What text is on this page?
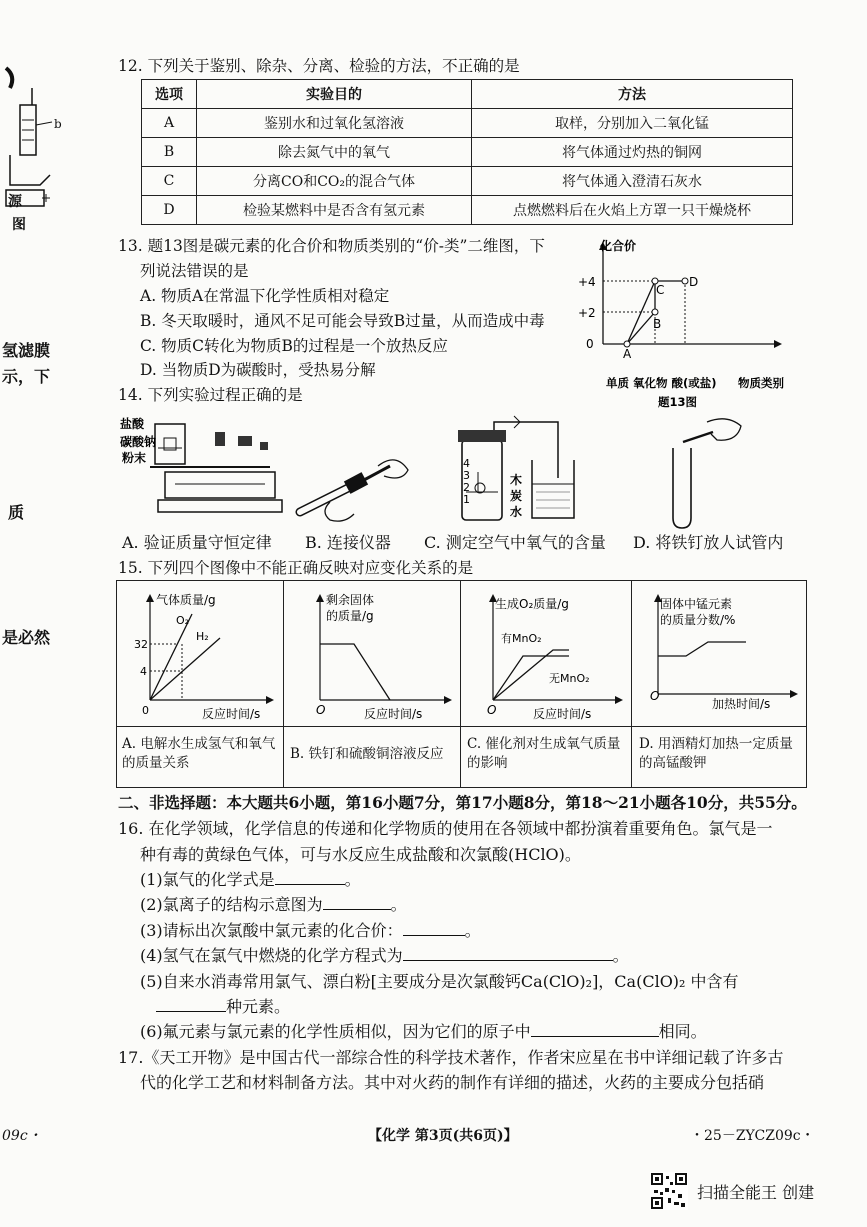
氢滤膜
示，下
质
是必然
b
源
图
12. 下列关于鉴别、除杂、分离、检验的方法，不正确的是
选项	实验目的	方法
A	鉴别水和过氧化氢溶液	取样，分别加入二氧化锰
B	除去氮气中的氧气	将气体通过灼热的铜网
C	分离CO和CO₂的混合气体	将气体通入澄清石灰水
D	检验某燃料中是否含有氢元素	点燃燃料后在火焰上方罩一只干燥烧杯
13. 题13图是碳元素的化合价和物质类别的“价-类”二维图，下
列说法错误的是
A. 物质A在常温下化学性质相对稳定
B. 冬天取暖时，通风不足可能会导致B过量，从而造成中毒
C. 物质C转化为物质B的过程是一个放热反应
D. 当物质D为碳酸时，受热易分解
化合价
+4
+2
0
A
B
C
D
单质 氧化物 酸(或盐) 物质类别
题13图
14. 下列实验过程正确的是
盐酸
碳酸钠
粉末	4
3
2
1
木
炭
水
A. 验证质量守恒定律 B. 连接仪器 C. 测定空气中氧气的含量 D. 将铁钉放人试管内
15. 下列四个图像中不能正确反映对应变化关系的是
气体质量/g
32
4
O₂
H₂
0	反应时间/s
A. 电解水生成氢气和氧气的质量关系
剩余固体
的质量/g
O	反应时间/s
B. 铁钉和硫酸铜溶液反应
生成O₂质量/g
有MnO₂
无MnO₂
O	反应时间/s
C. 催化剂对生成氧气质量的影响
固体中锰元素
的质量分数/%
O
加热时间/s
D. 用酒精灯加热一定质量的高锰酸钾
二、非选择题：本大题共6小题，第16小题7分，第17小题8分，第18～21小题各10分，共55分。
16. 在化学领域，化学信息的传递和化学物质的使用在各领域中都扮演着重要角色。氯气是一
种有毒的黄绿色气体，可与水反应生成盐酸和次氯酸(HClO)。
(1)氯气的化学式是	。
(2)氯离子的结构示意图为	。
(3)请标出次氯酸中氯元素的化合价：	。
(4)氢气在氯气中燃烧的化学方程式为	。
(5)自来水消毒常用氯气、漂白粉[主要成分是次氯酸钙Ca(ClO)₂]，Ca(ClO)₂ 中含有
种元素。
(6)氟元素与氯元素的化学性质相似，因为它们的原子中	相同。
17.《天工开物》是中国古代一部综合性的科学技术著作，作者宋应星在书中详细记载了许多古
代的化学工艺和材料制备方法。其中对火药的制作有详细的描述，火药的主要成分包括硝
09c・	【化学 第3页(共6页)】	・25－ZYCZ09c・
扫描全能王 创建
